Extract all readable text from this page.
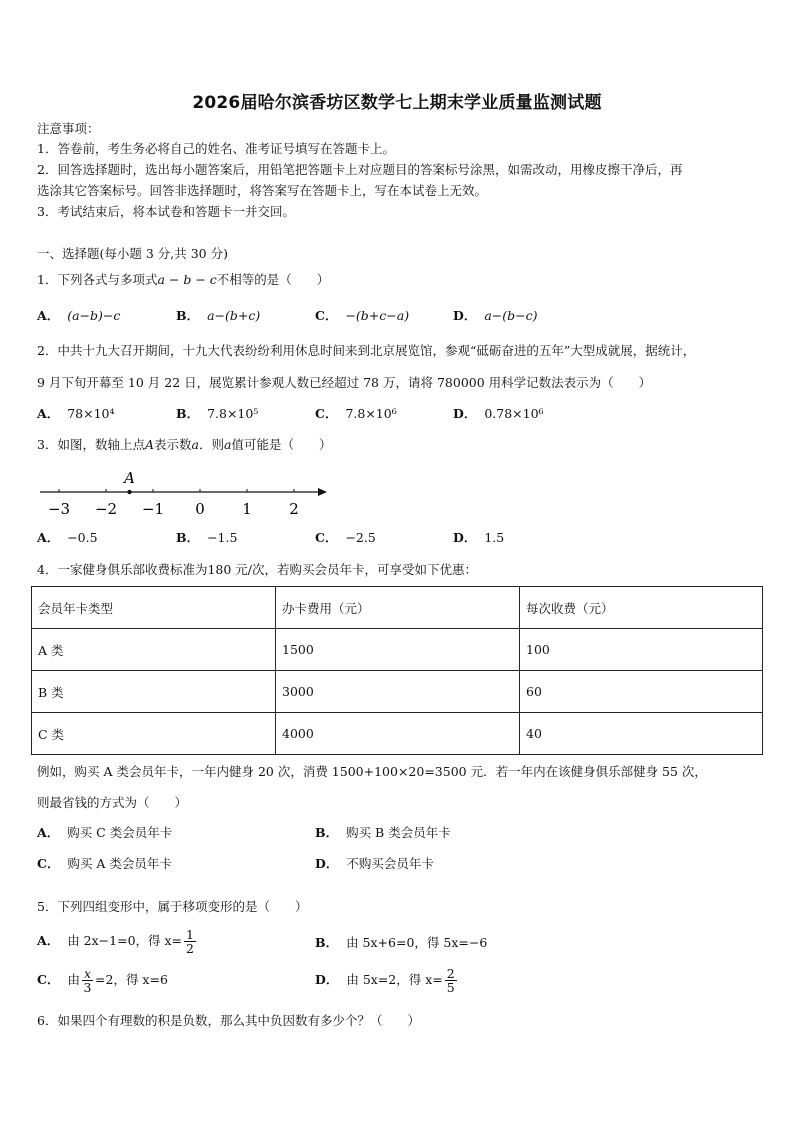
2026届哈尔滨香坊区数学七上期末学业质量监测试题
注意事项：
1．答卷前，考生务必将自己的姓名、准考证号填写在答题卡上。
2．回答选择题时，选出每小题答案后，用铅笔把答题卡上对应题目的答案标号涂黑，如需改动，用橡皮擦干净后，再
选涂其它答案标号。回答非选择题时，将答案写在答题卡上，写在本试卷上无效。
3．考试结束后，将本试卷和答题卡一并交回。
一、选择题(每小题 3 分,共 30 分)
1．下列各式与多项式a − b − c不相等的是（　　）
A． (a−b)−c	B． a−(b+c)	C． −(b+c−a)	D． a−(b−c)
2．中共十九大召开期间，十九大代表纷纷利用休息时间来到北京展览馆，参观“砥砺奋进的五年”大型成就展，据统计，
9 月下旬开幕至 10 月 22 日，展览累计参观人数已经超过 78 万，请将 780000 用科学记数法表示为（　　）
A． 78×10⁴	B． 7.8×10⁵	C． 7.8×10⁶	D． 0.78×10⁶
3．如图，数轴上点A表示数a．则a值可能是（　　）
−3 −2 −1 0 1 2
A
A． −0.5	B． −1.5	C． −2.5	D． 1.5
4．一家健身俱乐部收费标准为180 元/次，若购买会员年卡，可享受如下优惠：
会员年卡类型	办卡费用（元）	每次收费（元）
A 类	1500	100
B 类	3000	60
C 类	4000	40
例如，购买 A 类会员年卡，一年内健身 20 次，消费 1500+100×20=3500 元．若一年内在该健身俱乐部健身 55 次，
则最省钱的方式为（　　）
A． 购买 C 类会员年卡	B． 购买 B 类会员年卡
C． 购买 A 类会员年卡	D． 不购买会员年卡
5．下列四组变形中，属于移项变形的是（　　）
A． 由 2x−1=0，得 $x= \frac{1}{2}$	B． 由 5x+6=0，得 5x=−6
C． 由 $\frac{x}{3} =2$，得 x=6	D． 由 5x=2，得 $x= \frac{2}{5}$
6．如果四个有理数的积是负数，那么其中负因数有多少个？（　　）
